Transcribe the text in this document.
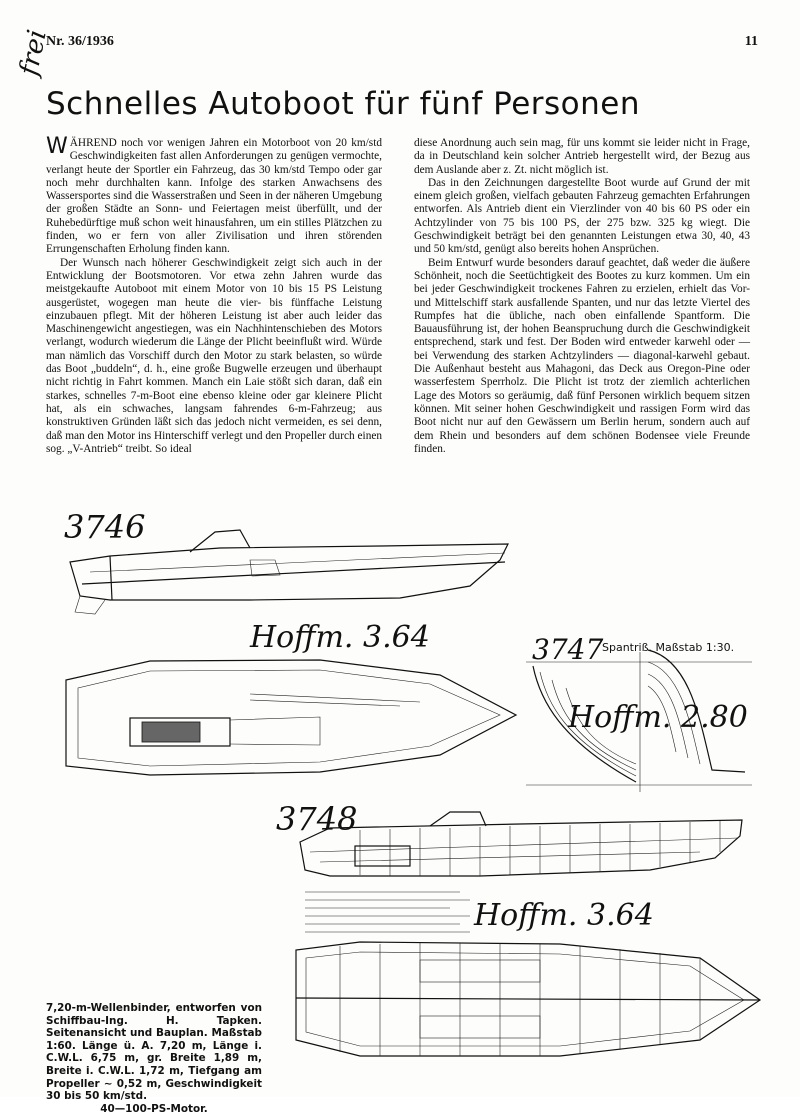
Nr. 36/1936	11
frei
Schnelles Autoboot für fünf Personen

WÄHREND noch vor wenigen Jahren ein Motorboot von 20 km/std Geschwindigkeiten fast allen Anforderungen zu genügen vermochte, verlangt heute der Sportler ein Fahrzeug, das 30 km/std Tempo oder gar noch mehr durchhalten kann. Infolge des starken Anwachsens des Wassersportes sind die Wasserstraßen und Seen in der näheren Umgebung der großen Städte an Sonn- und Feiertagen meist überfüllt, und der Ruhebedürftige muß schon weit hinausfahren, um ein stilles Plätzchen zu finden, wo er fern von aller Zivilisation und ihren störenden Errungenschaften Erholung finden kann.

Der Wunsch nach höherer Geschwindigkeit zeigt sich auch in der Entwicklung der Bootsmotoren. Vor etwa zehn Jahren wurde das meistgekaufte Autoboot mit einem Motor von 10 bis 15 PS Leistung ausgerüstet, wogegen man heute die vier- bis fünffache Leistung einzubauen pflegt. Mit der höheren Leistung ist aber auch leider das Maschinengewicht angestiegen, was ein Nachhintenschieben des Motors verlangt, wodurch wiederum die Länge der Plicht beeinflußt wird. Würde man nämlich das Vorschiff durch den Motor zu stark belasten, so würde das Boot „buddeln“, d. h., eine große Bugwelle erzeugen und überhaupt nicht richtig in Fahrt kommen. Manch ein Laie stößt sich daran, daß ein starkes, schnelles 7-m-Boot eine ebenso kleine oder gar kleinere Plicht hat, als ein schwaches, langsam fahrendes 6-m-Fahrzeug; aus konstruktiven Gründen läßt sich das jedoch nicht vermeiden, es sei denn, daß man den Motor ins Hinterschiff verlegt und den Propeller durch einen sog. „V-Antrieb“ treibt. So ideal

diese Anordnung auch sein mag, für uns kommt sie leider nicht in Frage, da in Deutschland kein solcher Antrieb hergestellt wird, der Bezug aus dem Auslande aber z. Zt. nicht möglich ist.

Das in den Zeichnungen dargestellte Boot wurde auf Grund der mit einem gleich großen, vielfach gebauten Fahrzeug gemachten Erfahrungen entworfen. Als Antrieb dient ein Vierzlinder von 40 bis 60 PS oder ein Achtzylinder von 75 bis 100 PS, der 275 bzw. 325 kg wiegt. Die Geschwindigkeit beträgt bei den genannten Leistungen etwa 30, 40, 43 und 50 km/std, genügt also bereits hohen Ansprüchen.

Beim Entwurf wurde besonders darauf geachtet, daß weder die äußere Schönheit, noch die Seetüchtigkeit des Bootes zu kurz kommen. Um ein bei jeder Geschwindigkeit trockenes Fahren zu erzielen, erhielt das Vor- und Mittelschiff stark ausfallende Spanten, und nur das letzte Viertel des Rumpfes hat die übliche, nach oben einfallende Spantform. Die Bauausführung ist, der hohen Beanspruchung durch die Geschwindigkeit entsprechend, stark und fest. Der Boden wird entweder karwehl oder — bei Verwendung des starken Achtzylinders — diagonal-karwehl gebaut. Die Außenhaut besteht aus Mahagoni, das Deck aus Oregon-Pine oder wasserfestem Sperrholz. Die Plicht ist trotz der ziemlich achterlichen Lage des Motors so geräumig, daß fünf Personen wirklich bequem sitzen können. Mit seiner hohen Geschwindigkeit und rassigen Form wird das Boot nicht nur auf den Gewässern um Berlin herum, sondern auch auf dem Rhein und besonders auf dem schönen Bodensee viele Freunde finden.

3746
Hoffm. 3.64	Spantriß. Maßstab 1:30.
3747
Hoffm. 2.80
3748
Hoffm. 3.64
7,20-m-Wellenbinder, entworfen von Schiffbau-Ing. H. Tapken. Seitenansicht und Bauplan. Maßstab 1:60. Länge ü. A. 7,20 m, Länge i. C.W.L. 6,75 m, gr. Breite 1,89 m, Breite i. C.W.L. 1,72 m, Tiefgang am Propeller ∼ 0,52 m, Geschwindigkeit 30 bis 50 km/std.
40—100-PS-Motor.
